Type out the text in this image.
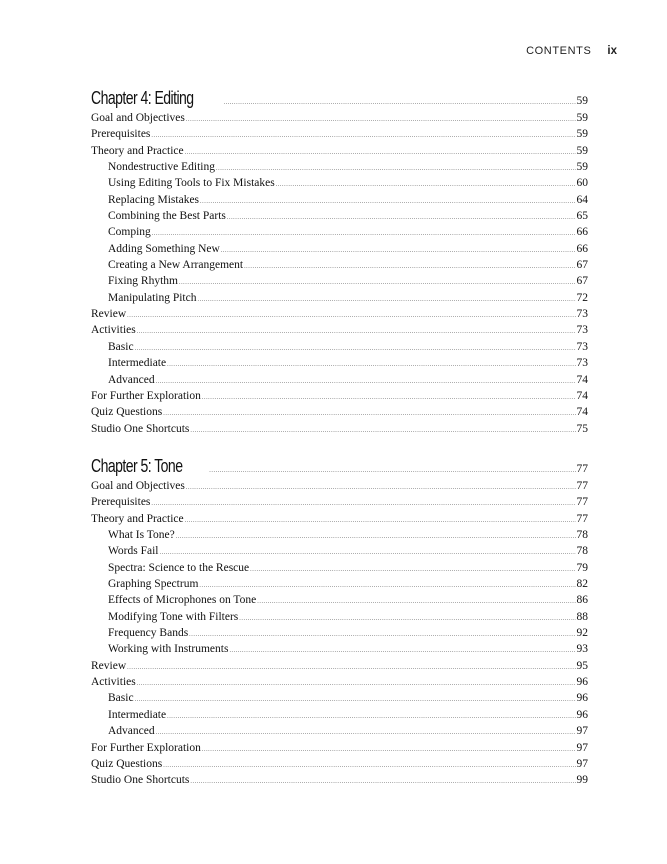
CONTENTS ix
Chapter 4: Editing .....	59
Goal and Objectives .....	59
Prerequisites .....	59
Theory and Practice .....	59
Nondestructive Editing .....	59
Using Editing Tools to Fix Mistakes .....	60
Replacing Mistakes .....	64
Combining the Best Parts .....	65
Comping .....	66
Adding Something New .....	66
Creating a New Arrangement .....	67
Fixing Rhythm .....	67
Manipulating Pitch .....	72
Review .....	73
Activities .....	73
Basic .....	73
Intermediate .....	73
Advanced .....	74
For Further Exploration .....	74
Quiz Questions .....	74
Studio One Shortcuts .....	75
Chapter 5: Tone .....	77
Goal and Objectives .....	77
Prerequisites .....	77
Theory and Practice .....	77
What Is Tone? .....	78
Words Fail .....	78
Spectra: Science to the Rescue .....	79
Graphing Spectrum .....	82
Effects of Microphones on Tone .....	86
Modifying Tone with Filters .....	88
Frequency Bands .....	92
Working with Instruments .....	93
Review .....	95
Activities .....	96
Basic .....	96
Intermediate .....	96
Advanced .....	97
For Further Exploration .....	97
Quiz Questions .....	97
Studio One Shortcuts .....	99
